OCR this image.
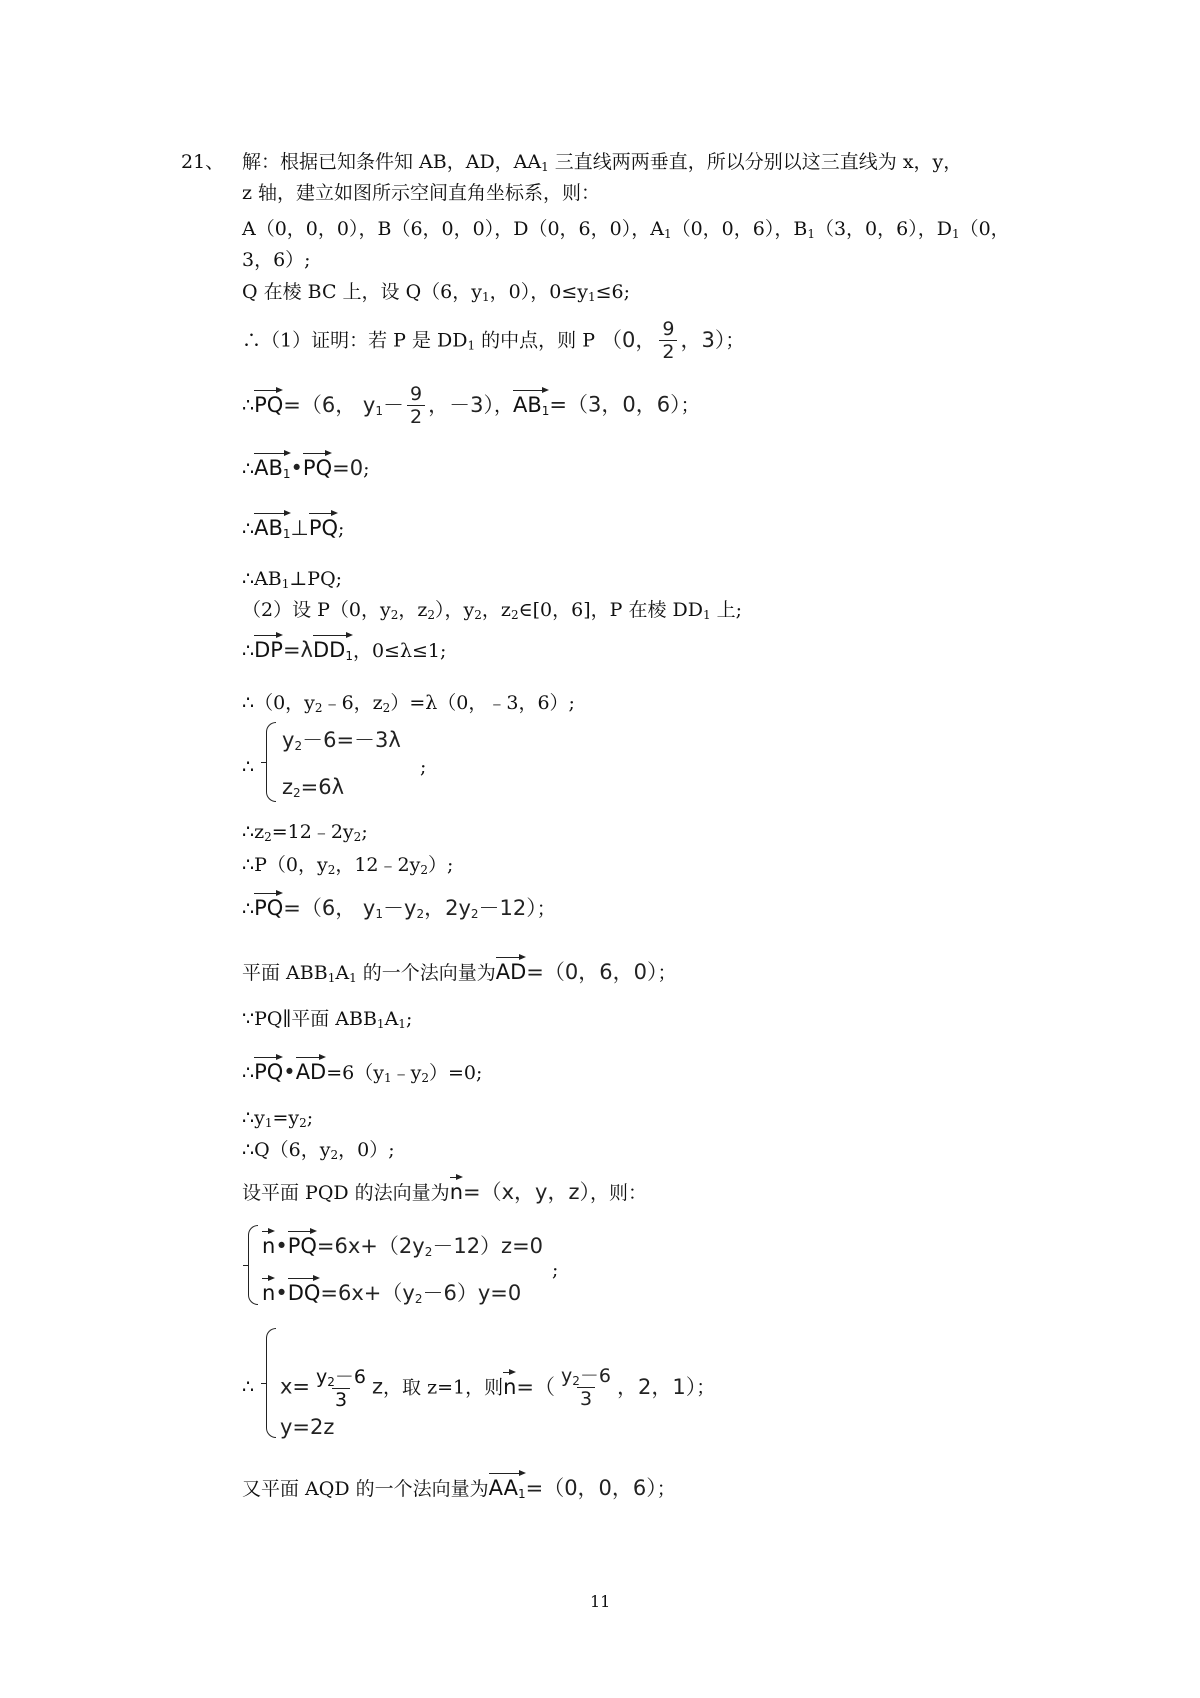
21、 解：根据已知条件知 AB，AD，$AA_1$ 三直线两两垂直，所以分别以这三直线为 x，y，
z 轴，建立如图所示空间直角坐标系，则：
A（0，0，0），B（6，0，0），D（0，6，0），$A_1(0$，0，6），$B_1(3$，0，6），$D_1(0$，
3，6）;
Q 在棱 BC 上，设 Q（6，$y_1$，0），$0\le y_1\le 6$;
∴（1）证明：若 P 是 $DD_1$ 的中点，则 P （0， $\frac{9}{2}$ ，3）；
∴PQ=（6， $y_1- \frac{9}{2}$ ，－3），$AB_1=(3$，0，6）；
$\therefore AB_1•PQ=0$;
$\therefore AB_1\perp PQ$;
$\therefore AB_1\perp PQ$;
（2）设 P（0，$y_2$，$z_2$），$y_2$，$z_2\in[0$，6]，P 在棱 $DD_1$ 上;
∴DP=λDD$_1$，0≤λ≤1;
∴（0，$y_2﹣6$，$z_2)=\lambda(0$，﹣3，6）;
∴
$y_2-6=-3\lambda$
$z_2=6\lambda$
;
$\therefore z_2=12﹣2y_2$;
∴P（0，$y_2$，$12﹣2y_2$）;
∴PQ=（6， $y_1-y_2$，$2y_2-12$）；
平面 $ABB_1A_1$ 的一个法向量为AD=（0，6，0）；
∵PQ∥平面 $ABB_1A_1$;
$\therefore PQ•AD=6(y_1﹣y_2)=0$;
$\therefore y_1=y_2$;
∴Q（6，$y_2$，0）;
设平面 PQD 的法向量为n=（x，y，z），则：
$n•PQ=6x+(2y_2-12)z=0$
$n•DQ=6x+(y_2-6)y=0$
;
∴ $x= \frac{y_2-6}{3}$ z，取 z=1，则$n=( \frac{y_2-6}{3}$ ，2，1）；
y=2z
又平面 AQD 的一个法向量为$AA_1=(0$，0，6）；
11
